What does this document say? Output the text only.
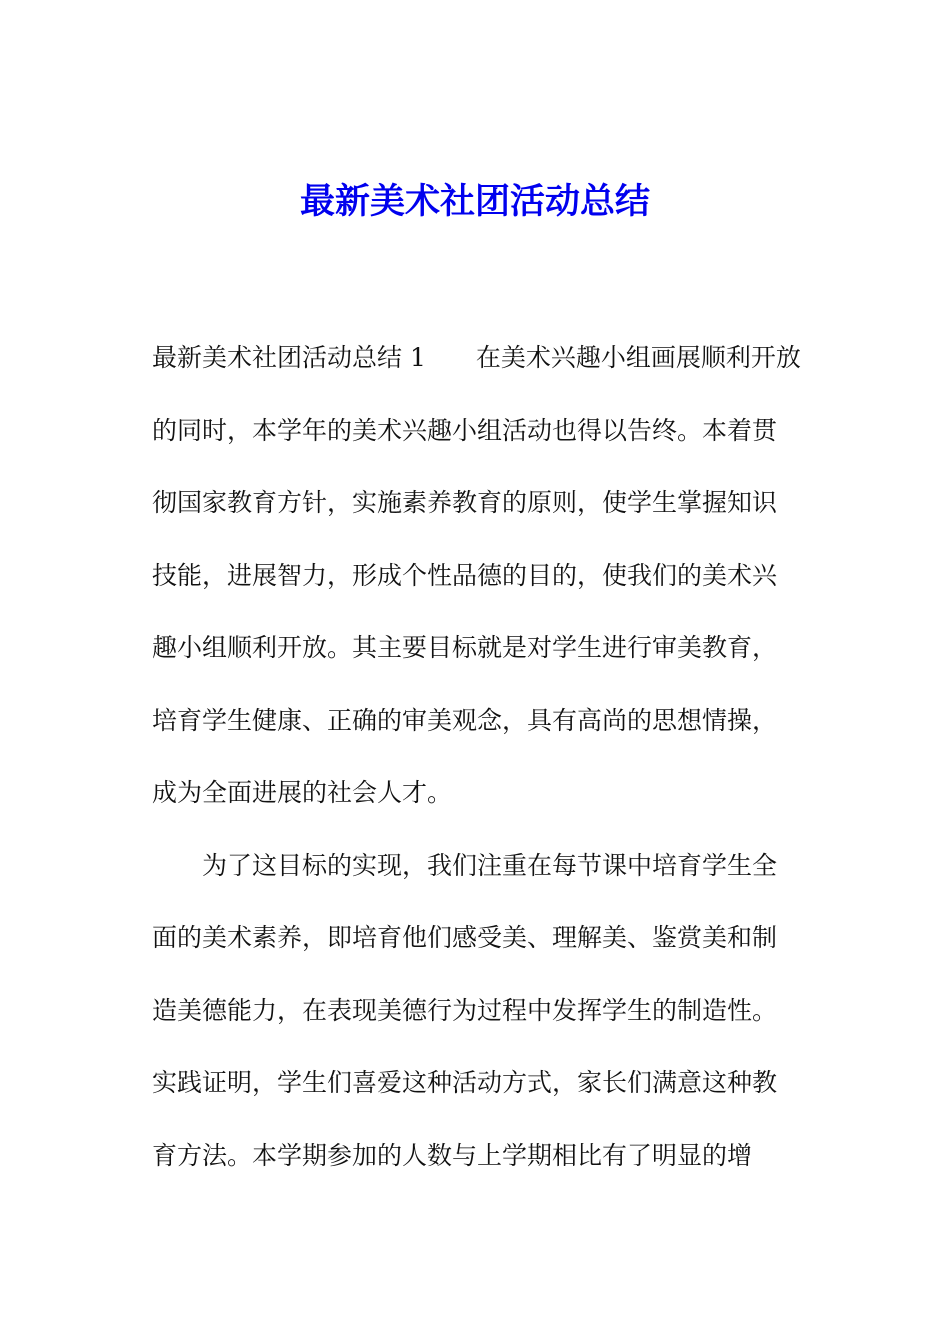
最新美术社团活动总结
最新美术社团活动总结 1 在美术兴趣小组画展顺利开放
的同时，本学年的美术兴趣小组活动也得以告终。本着贯
彻国家教育方针，实施素养教育的原则，使学生掌握知识
技能，进展智力，形成个性品德的目的，使我们的美术兴
趣小组顺利开放。其主要目标就是对学生进行审美教育，
培育学生健康、正确的审美观念，具有高尚的思想情操，
成为全面进展的社会人才。
为了这目标的实现，我们注重在每节课中培育学生全
面的美术素养，即培育他们感受美、理解美、鉴赏美和制
造美德能力，在表现美德行为过程中发挥学生的制造性。
实践证明，学生们喜爱这种活动方式，家长们满意这种教
育方法。本学期参加的人数与上学期相比有了明显的增
